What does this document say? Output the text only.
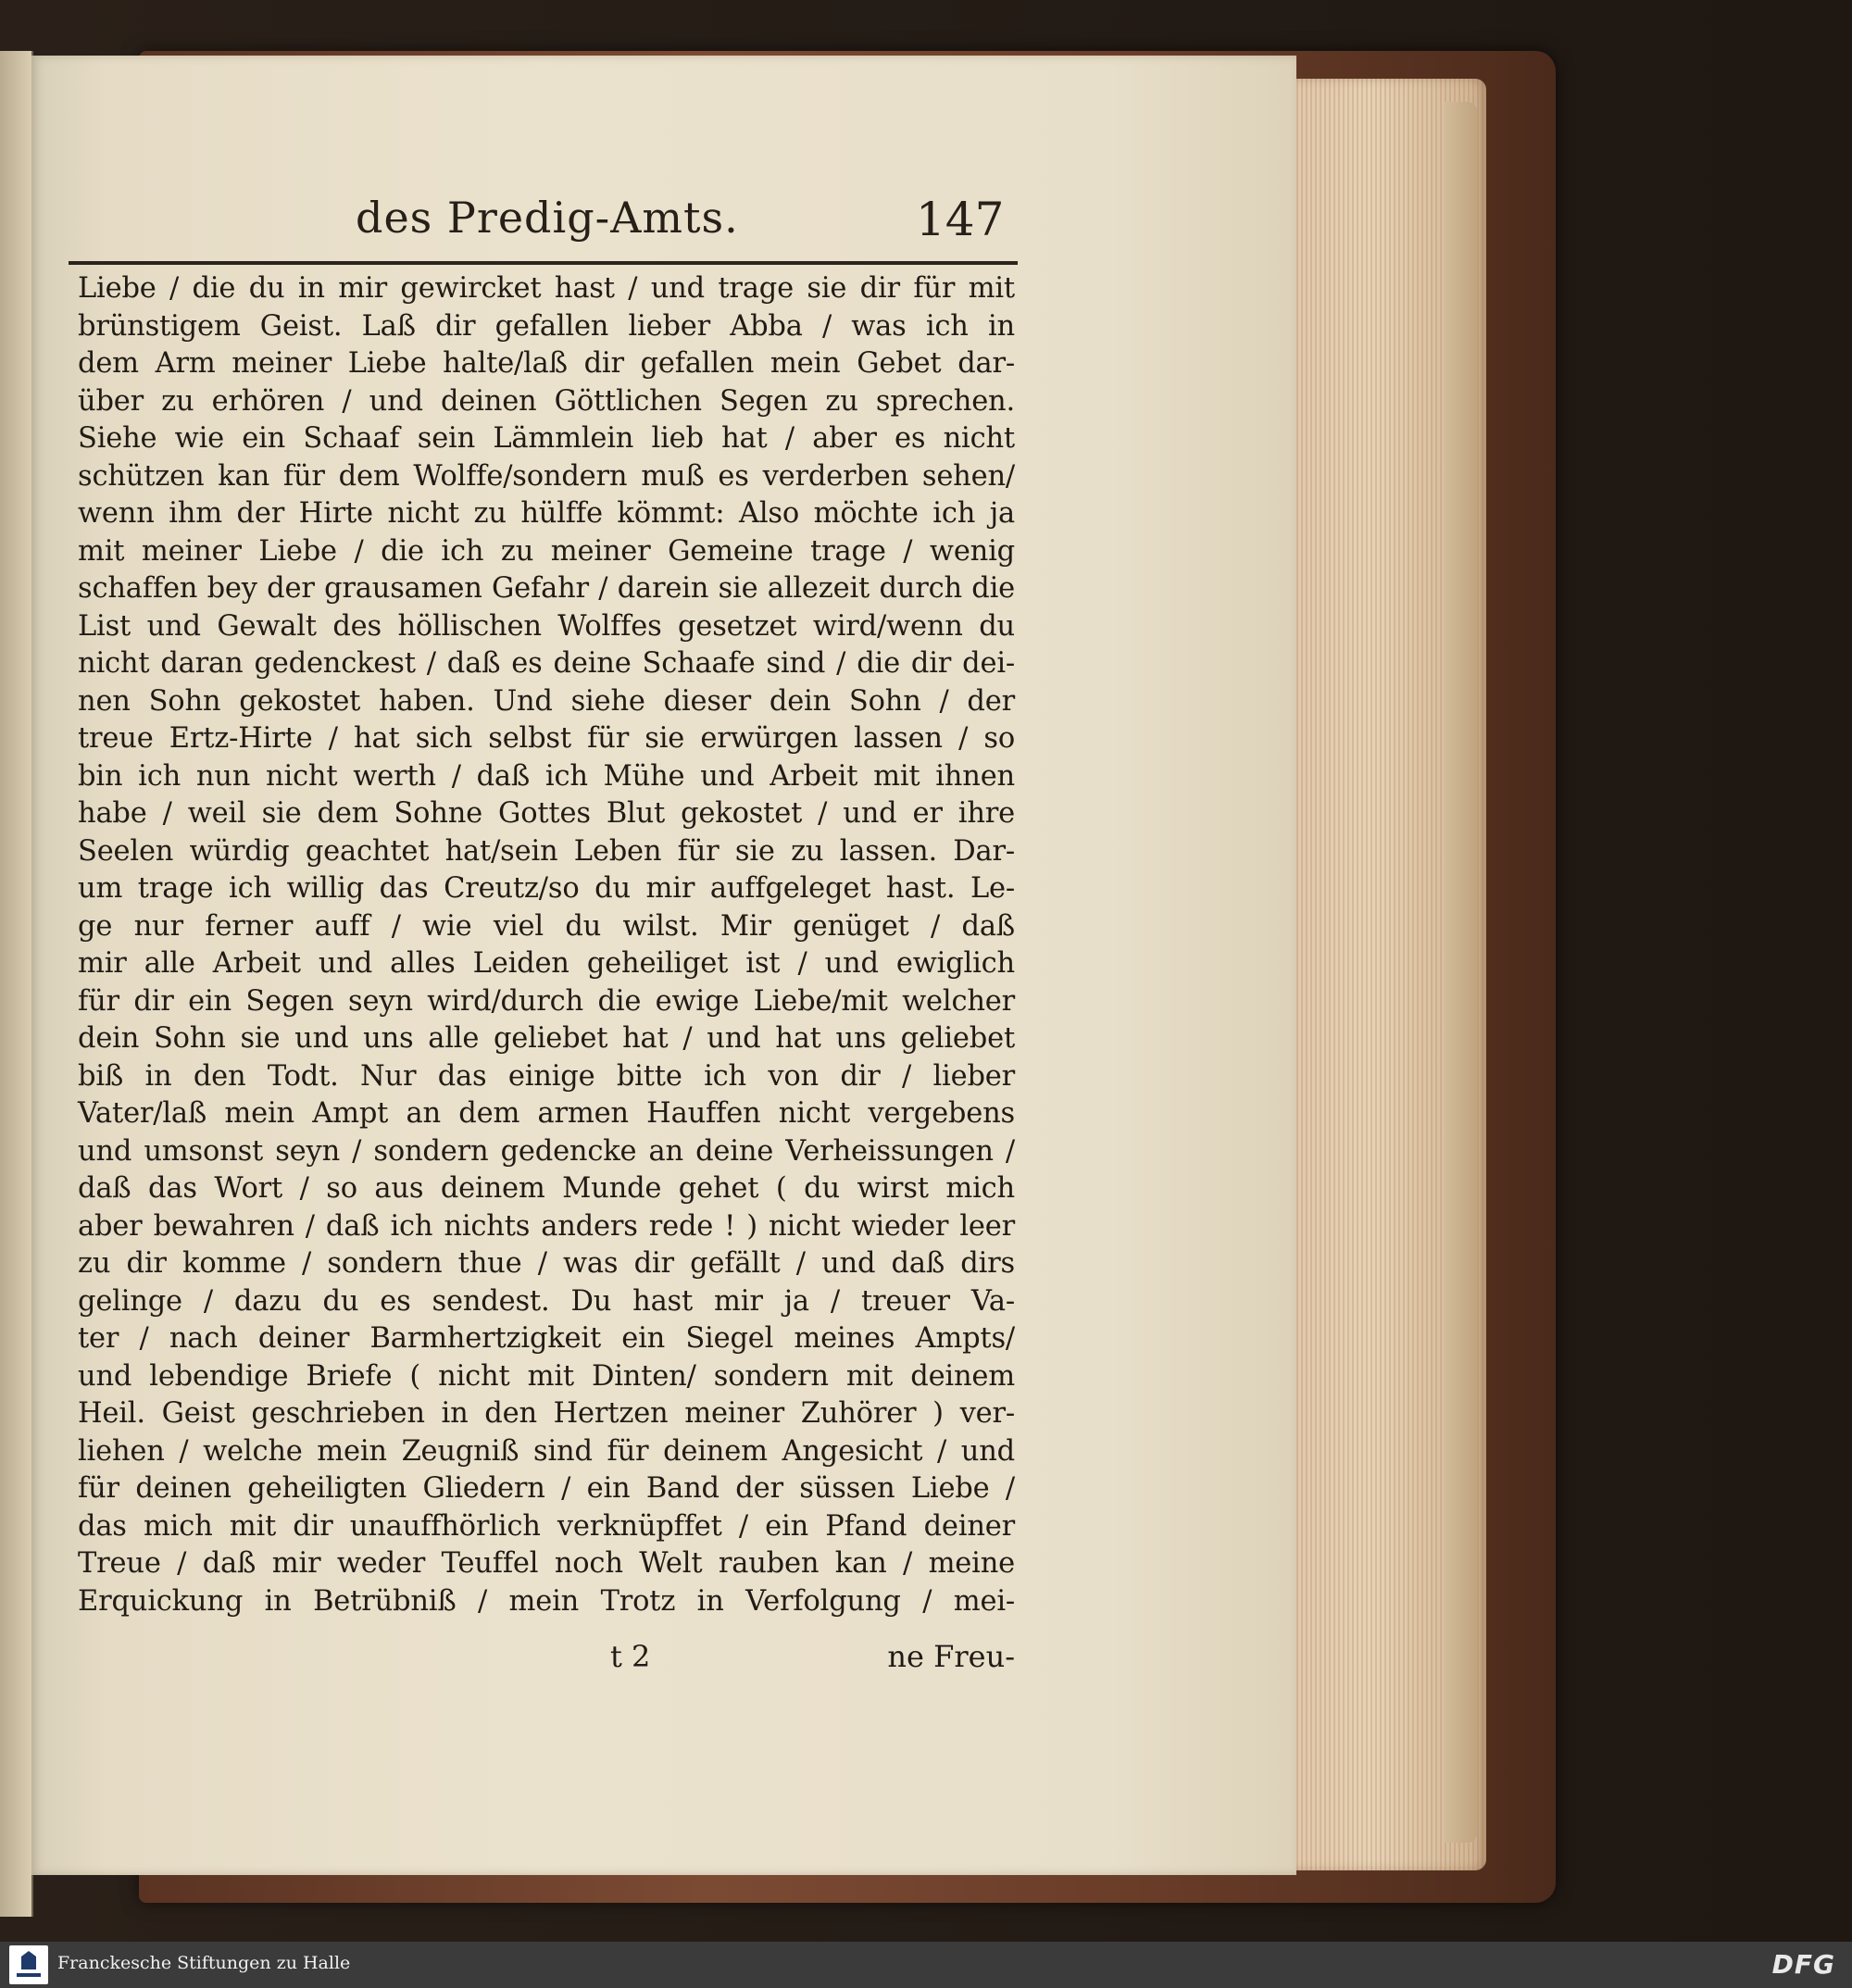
des Predig-Amts.	147
Liebe / die du in mir gewircket hast / und trage sie dir für mit
brünstigem Geist. Laß dir gefallen lieber Abba / was ich in
dem Arm meiner Liebe halte/laß dir gefallen mein Gebet dar-
über zu erhören / und deinen Göttlichen Segen zu sprechen.
Siehe wie ein Schaaf sein Lämmlein lieb hat / aber es nicht
schützen kan für dem Wolffe/sondern muß es verderben sehen/
wenn ihm der Hirte nicht zu hülffe kömmt: Also möchte ich ja
mit meiner Liebe / die ich zu meiner Gemeine trage / wenig
schaffen bey der grausamen Gefahr / darein sie allezeit durch die
List und Gewalt des höllischen Wolffes gesetzet wird/wenn du
nicht daran gedenckest / daß es deine Schaafe sind / die dir dei-
nen Sohn gekostet haben. Und siehe dieser dein Sohn / der
treue Ertz-Hirte / hat sich selbst für sie erwürgen lassen / so
bin ich nun nicht werth / daß ich Mühe und Arbeit mit ihnen
habe / weil sie dem Sohne Gottes Blut gekostet / und er ihre
Seelen würdig geachtet hat/sein Leben für sie zu lassen. Dar-
um trage ich willig das Creutz/so du mir auffgeleget hast. Le-
ge nur ferner auff / wie viel du wilst. Mir genüget / daß
mir alle Arbeit und alles Leiden geheiliget ist / und ewiglich
für dir ein Segen seyn wird/durch die ewige Liebe/mit welcher
dein Sohn sie und uns alle geliebet hat / und hat uns geliebet
biß in den Todt. Nur das einige bitte ich von dir / lieber
Vater/laß mein Ampt an dem armen Hauffen nicht vergebens
und umsonst seyn / sondern gedencke an deine Verheissungen /
daß das Wort / so aus deinem Munde gehet ( du wirst mich
aber bewahren / daß ich nichts anders rede ! ) nicht wieder leer
zu dir komme / sondern thue / was dir gefällt / und daß dirs
gelinge / dazu du es sendest. Du hast mir ja / treuer Va-
ter / nach deiner Barmhertzigkeit ein Siegel meines Ampts/
und lebendige Briefe ( nicht mit Dinten/ sondern mit deinem
Heil. Geist geschrieben in den Hertzen meiner Zuhörer ) ver-
liehen / welche mein Zeugniß sind für deinem Angesicht / und
für deinen geheiligten Gliedern / ein Band der süssen Liebe /
das mich mit dir unauffhörlich verknüpffet / ein Pfand deiner
Treue / daß mir weder Teuffel noch Welt rauben kan / meine
Erquickung in Betrübniß / mein Trotz in Verfolgung / mei-
t 2	ne Freu-
Franckesche Stiftungen zu Halle	DFG
